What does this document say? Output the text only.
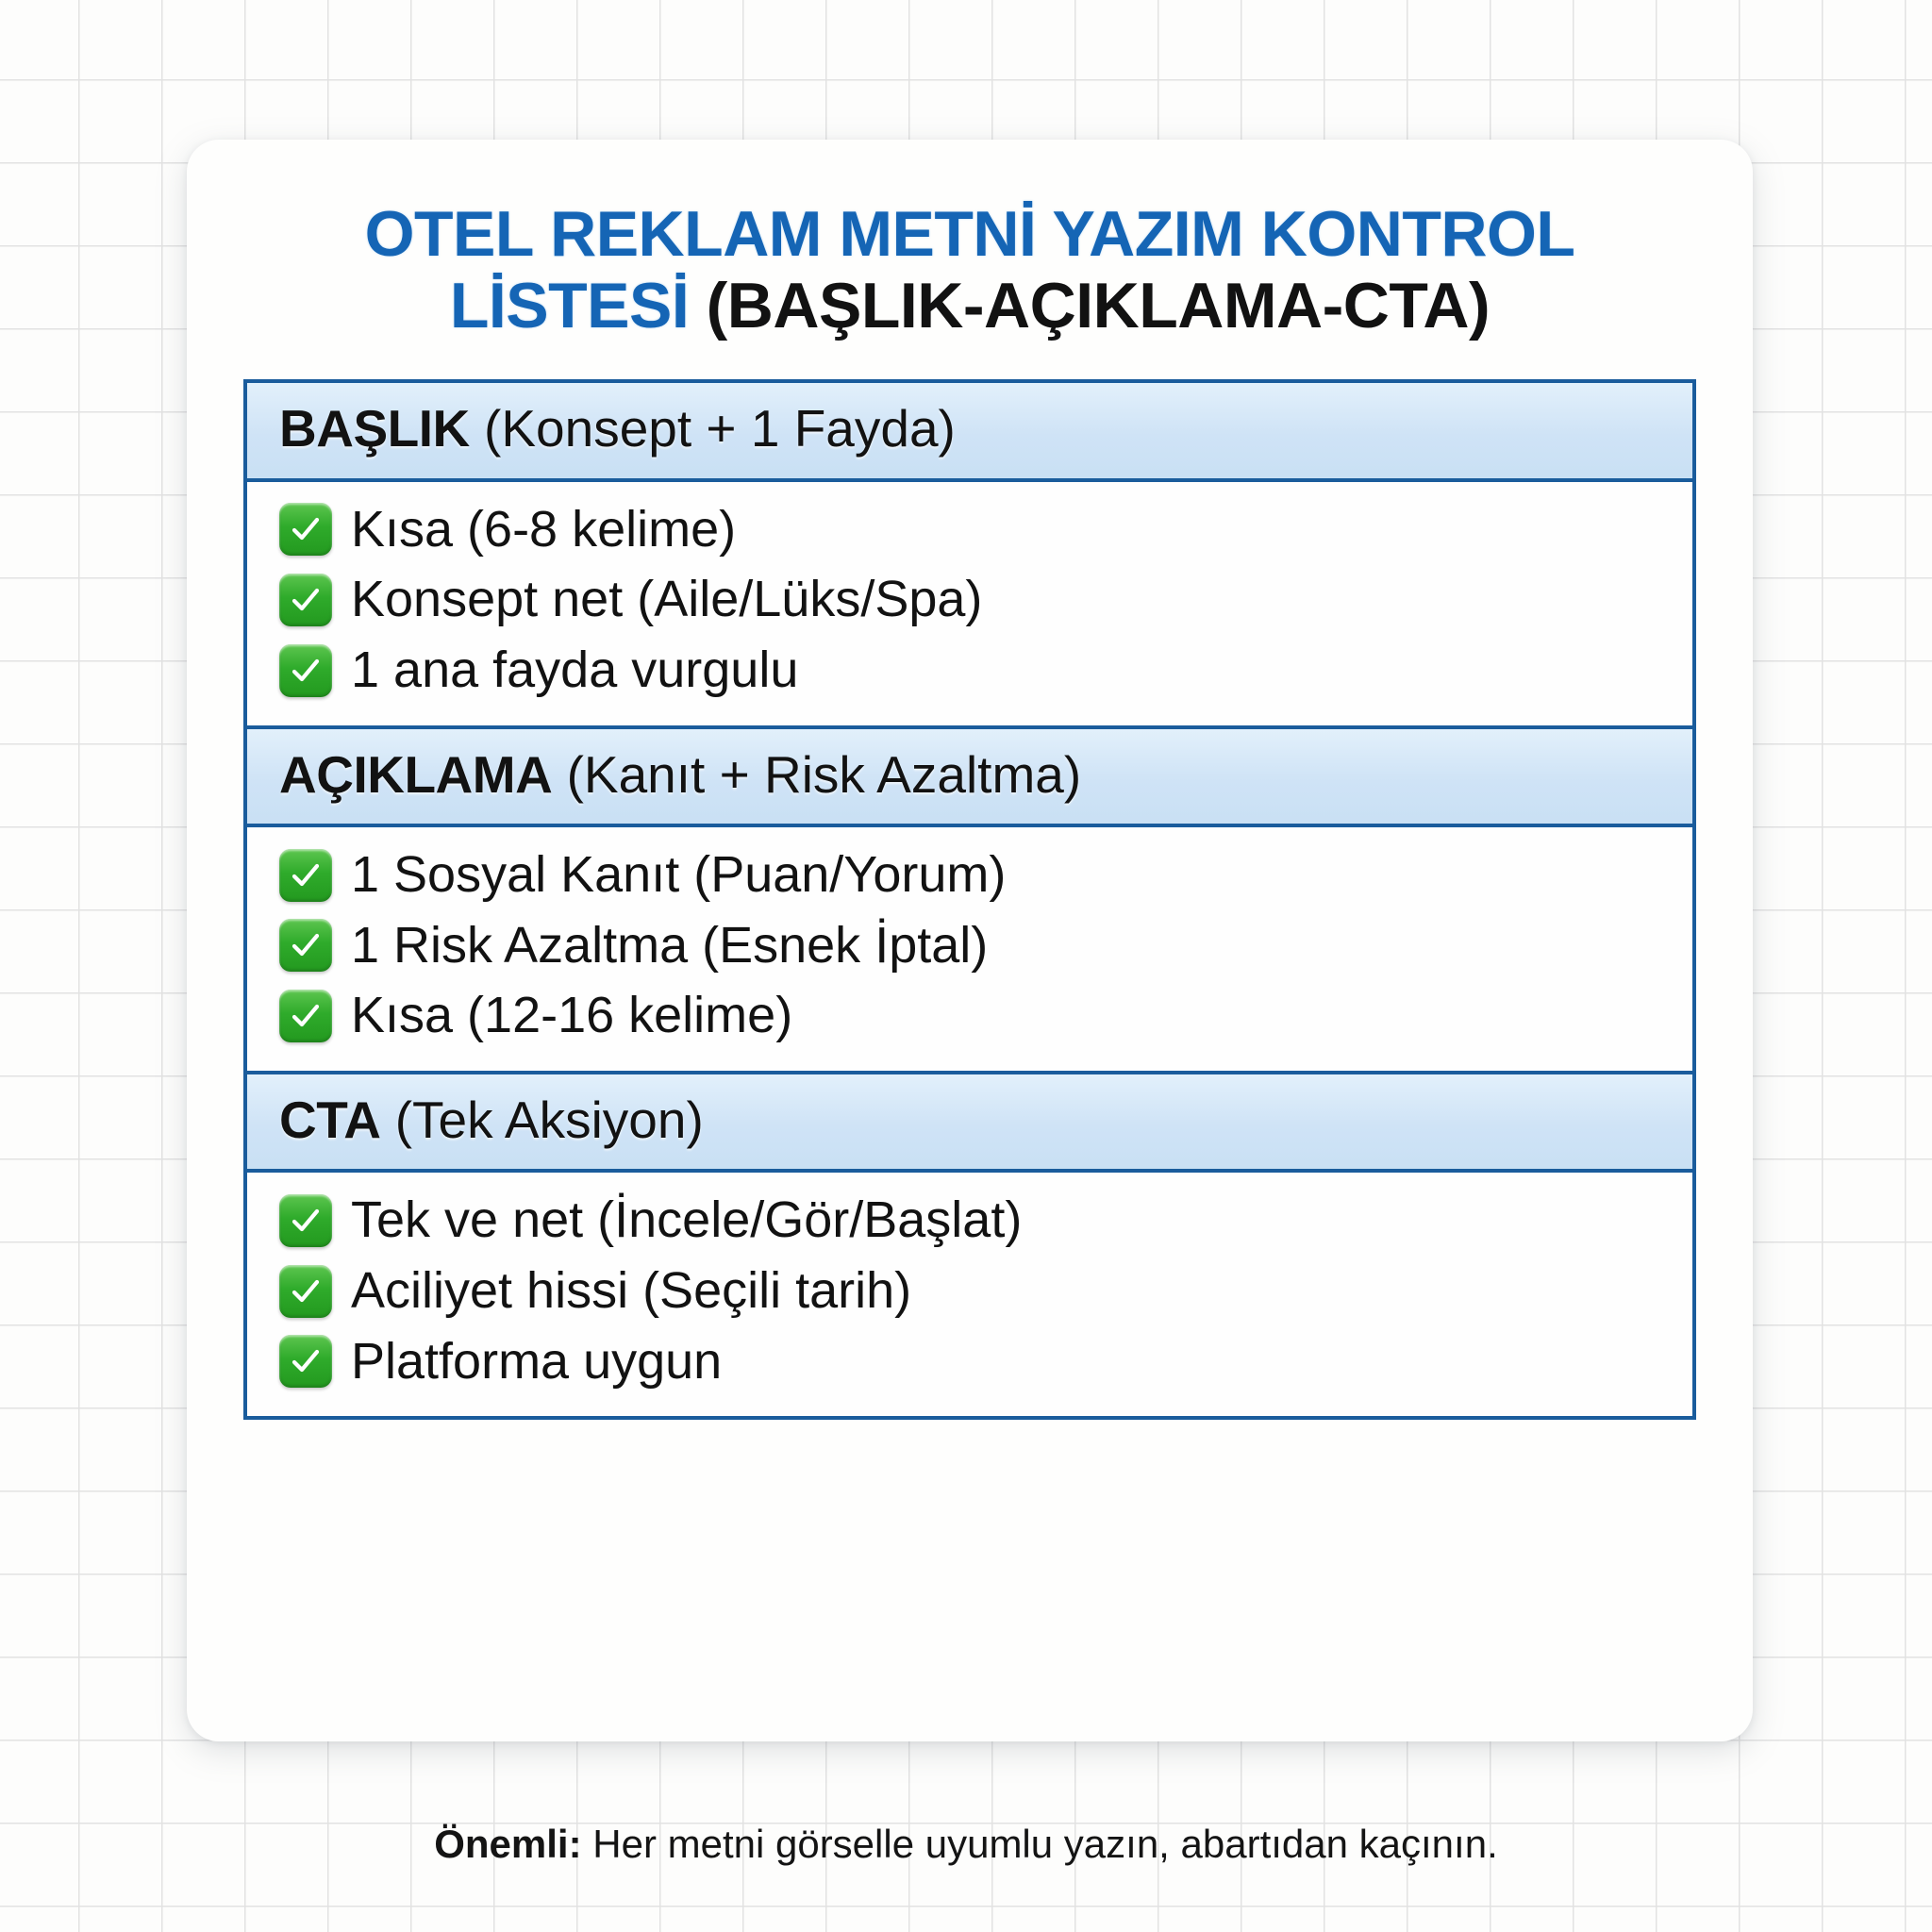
OTEL REKLAM METNİ YAZIM KONTROL
LİSTESİ (BAŞLIK-AÇIKLAMA-CTA)
BAŞLIK (Konsept + 1 Fayda)
Kısa (6-8 kelime)
Konsept net (Aile/Lüks/Spa)
1 ana fayda vurgulu
AÇIKLAMA (Kanıt + Risk Azaltma)
1 Sosyal Kanıt (Puan/Yorum)
1 Risk Azaltma (Esnek İptal)
Kısa (12-16 kelime)
CTA (Tek Aksiyon)
Tek ve net (İncele/Gör/Başlat)
Aciliyet hissi (Seçili tarih)
Platforma uygun
Önemli: Her metni görselle uyumlu yazın, abartıdan kaçının.
